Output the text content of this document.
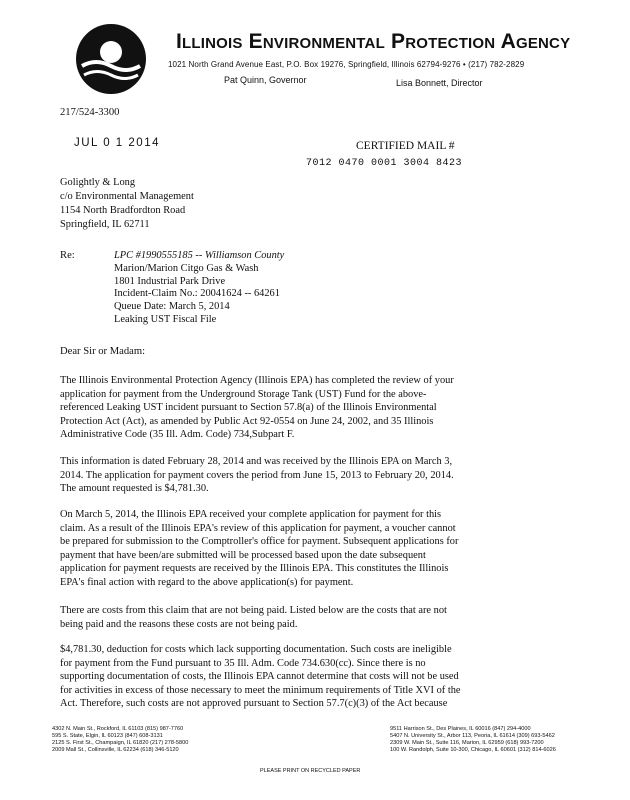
Illinois Environmental Protection Agency
1021 North Grand Avenue East, P.O. Box 19276, Springfield, Illinois 62794-9276 • (217) 782-2829
Pat Quinn, Governor	Lisa Bonnett, Director
217/524-3300
JUL 0 1 2014	CERTIFIED MAIL #
7012 0470 0001 3004 8423
Golightly & Long
c/o Environmental Management
1154 North Bradfordton Road
Springfield, IL 62711
Re:	LPC #1990555185 -- Williamson County
Marion/Marion Citgo Gas & Wash
1801 Industrial Park Drive
Incident-Claim No.: 20041624 -- 64261
Queue Date: March 5, 2014
Leaking UST Fiscal File
Dear Sir or Madam:
The Illinois Environmental Protection Agency (Illinois EPA) has completed the review of your
application for payment from the Underground Storage Tank (UST) Fund for the above-
referenced Leaking UST incident pursuant to Section 57.8(a) of the Illinois Environmental
Protection Act (Act), as amended by Public Act 92-0554 on June 24, 2002, and 35 Illinois
Administrative Code (35 Ill. Adm. Code) 734,Subpart F.
This information is dated February 28, 2014 and was received by the Illinois EPA on March 3,
2014. The application for payment covers the period from June 15, 2013 to February 20, 2014.
The amount requested is $4,781.30.
On March 5, 2014, the Illinois EPA received your complete application for payment for this
claim. As a result of the Illinois EPA's review of this application for payment, a voucher cannot
be prepared for submission to the Comptroller's office for payment. Subsequent applications for
payment that have been/are submitted will be processed based upon the date subsequent
application for payment requests are received by the Illinois EPA. This constitutes the Illinois
EPA's final action with regard to the above application(s) for payment.
There are costs from this claim that are not being paid. Listed below are the costs that are not
being paid and the reasons these costs are not being paid.
$4,781.30, deduction for costs which lack supporting documentation. Such costs are ineligible
for payment from the Fund pursuant to 35 Ill. Adm. Code 734.630(cc). Since there is no
supporting documentation of costs, the Illinois EPA cannot determine that costs will not be used
for activities in excess of those necessary to meet the minimum requirements of Title XVI of the
Act. Therefore, such costs are not approved pursuant to Section 57.7(c)(3) of the Act because
4302 N. Main St., Rockford, IL 61103 (815) 987-7760
595 S. State, Elgin, IL 60123 (847) 608-3131
2125 S. First St., Champaign, IL 61820 (217) 278-5800
2009 Mall St., Collinsville, IL 62234 (618) 346-5120
9511 Harrison St., Des Plaines, IL 60016 (847) 294-4000
5407 N. University St., Arbor 113, Peoria, IL 61614 (309) 693-5462
2309 W. Main St., Suite 116, Marion, IL 62959 (618) 993-7200
100 W. Randolph, Suite 10-300, Chicago, IL 60601 (312) 814-6026
PLEASE PRINT ON RECYCLED PAPER
